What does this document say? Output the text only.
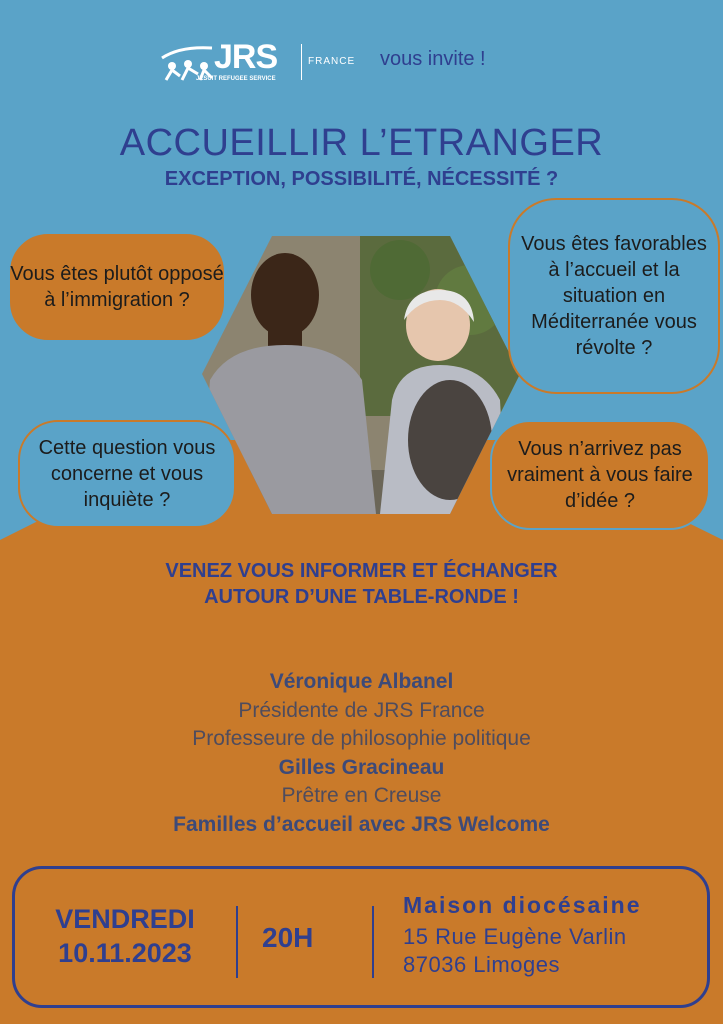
JRS
JESUIT REFUGEE SERVICE
FRANCE vous invite !
ACCUEILLIR L’ETRANGER
EXCEPTION, POSSIBILITÉ, NÉCESSITÉ ?
Vous êtes plutôt opposé à l’immigration ?
Vous êtes favorables à l’accueil et la situation en Méditerranée vous révolte ?
Cette question vous concerne et vous inquiète ?
Vous n’arrivez pas vraiment à vous faire d’idée ?
VENEZ VOUS INFORMER ET ÉCHANGER
AUTOUR D’UNE TABLE-RONDE !
Véronique Albanel
Présidente de JRS France
Professeure de philosophie politique
Gilles Gracineau
Prêtre en Creuse
Familles d’accueil avec JRS Welcome
VENDREDI
10.11.2023	20H
Maison diocésaine
15 Rue Eugène Varlin
87036 Limoges
